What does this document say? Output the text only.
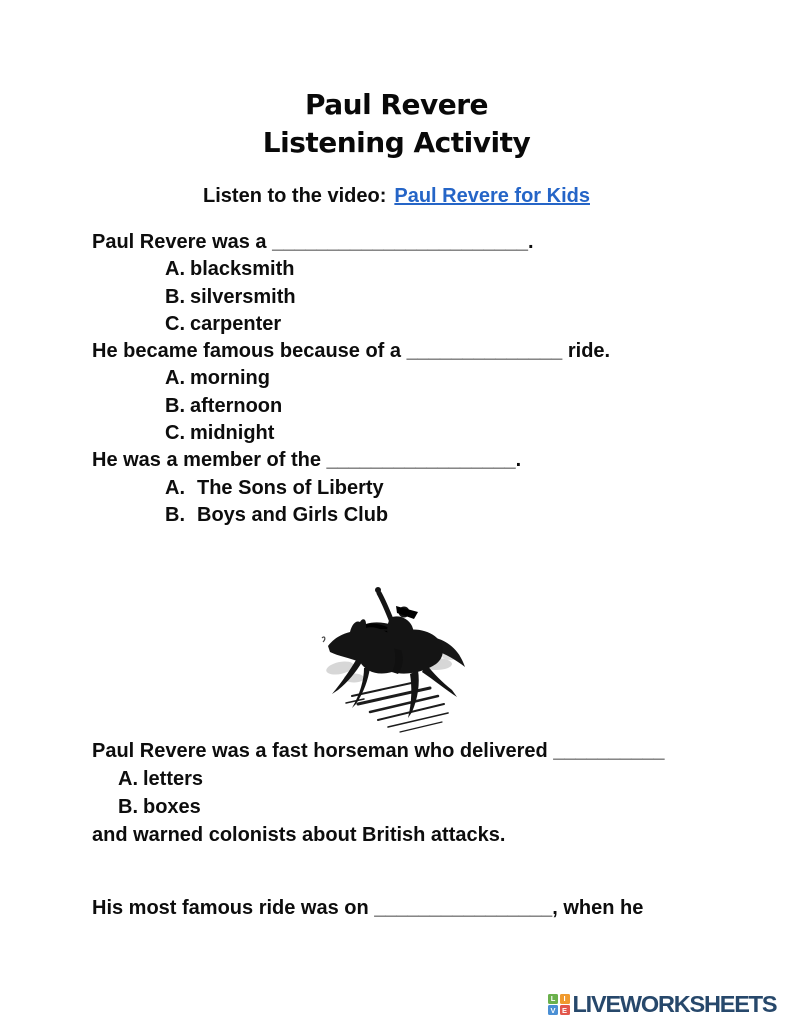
Paul Revere
Listening Activity
Listen to the video: Paul Revere for Kids
Paul Revere was a _______________________.
A. blacksmith
B. silversmith
C. carpenter
He became famous because of a ______________ ride.
A. morning
B. afternoon
C. midnight
He was a member of the _________________.
A. The Sons of Liberty
B. Boys and Girls Club
Paul Revere was a fast horseman who delivered __________
A. letters
B. boxes
and warned colonists about British attacks.
His most famous ride was on ________________, when he
L	I
V E LIVEWORKSHEETS
